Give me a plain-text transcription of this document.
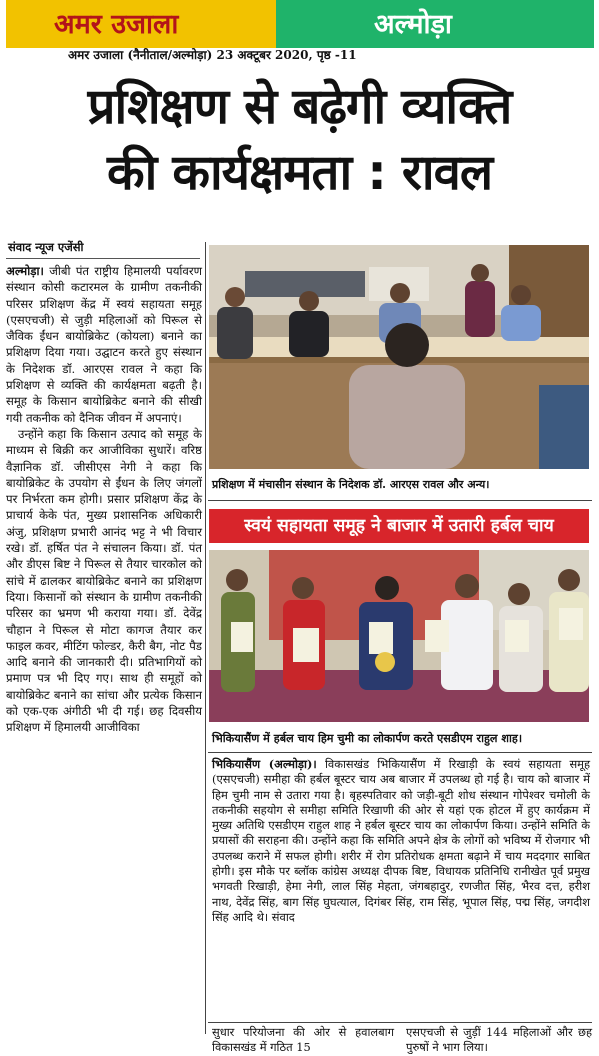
अमर उजाला	अल्मोड़ा
अमर उजाला (नैनीताल/अल्मोड़ा) 23 अक्टूबर 2020, पृष्ठ -11
प्रशिक्षण से बढ़ेगी व्यक्ति
की कार्यक्षमता : रावल
संवाद न्यूज एजेंसी

अल्मोड़ा। जीबी पंत राष्ट्रीय हिमालयी पर्यावरण संस्थान कोसी कटारमल के ग्रामीण तकनीकी परिसर प्रशिक्षण केंद्र में स्वयं सहायता समूह (एसएचजी) से जुड़ी महिलाओं को पिरूल से जैविक ईंधन बायोब्रिकेट (कोयला) बनाने का प्रशिक्षण दिया गया। उद्घाटन करते हुए संस्थान के निदेशक डॉ. आरएस रावल ने कहा कि प्रशिक्षण से व्यक्ति की कार्यक्षमता बढ़ती है। समूह के किसान बायोब्रिकेट बनाने की सीखी गयी तकनीक को दैनिक जीवन में अपनाएं।

उन्होंने कहा कि किसान उत्पाद को समूह के माध्यम से बिक्री कर आजीविका सुधारें। वरिष्ठ वैज्ञानिक डॉ. जीसीएस नेगी ने कहा कि बायोब्रिकेट के उपयोग से ईंधन के लिए जंगलों पर निर्भरता कम होगी। प्रसार प्रशिक्षण केंद्र के प्राचार्य केके पंत, मुख्य प्रशासनिक अधिकारी अंजु, प्रशिक्षण प्रभारी आनंद भट्ट ने भी विचार रखे। डॉ. हर्षित पंत ने संचालन किया। डॉ. पंत और डीएस बिष्ट ने पिरूल से तैयार चारकोल को सांचे में ढालकर बायोब्रिकेट बनाने का प्रशिक्षण दिया। किसानों को संस्थान के ग्रामीण तकनीकी परिसर का भ्रमण भी कराया गया। डॉ. देवेंद्र चौहान ने पिरूल से मोटा कागज तैयार कर फाइल कवर, मीटिंग फोल्डर, कैरी बैग, नोट पैड आदि बनाने की जानकारी दी। प्रतिभागियों को प्रमाण पत्र भी दिए गए। साथ ही समूहों को बायोब्रिकेट बनाने का सांचा और प्रत्येक किसान को एक-एक अंगीठी भी दी गई। छह दिवसीय प्रशिक्षण में हिमालयी आजीविका

प्रशिक्षण में मंचासीन संस्थान के निदेशक डॉ. आरएस रावल और अन्य।
स्वयं सहायता समूह ने बाजार में उतारी हर्बल चाय
भिकियासैंण में हर्बल चाय हिम चुमी का लोकार्पण करते एसडीएम राहुल शाह।

भिकियासैंण (अल्मोड़ा)। विकासखंड भिकियासैंण में रिखाड़ी के स्वयं सहायता समूह (एसएचजी) समीहा की हर्बल बूस्टर चाय अब बाजार में उपलब्ध हो गई है। चाय को बाजार में हिम चुमी नाम से उतारा गया है। बृहस्पतिवार को जड़ी-बूटी शोध संस्थान गोपेश्वर चमोली के तकनीकी सहयोग से समीहा समिति रिखाणी की ओर से यहां एक होटल में हुए कार्यक्रम में मुख्य अतिथि एसडीएम राहुल शाह ने हर्बल बूस्टर चाय का लोकार्पण किया। उन्होंने समिति के प्रयासों की सराहना की। उन्होंने कहा कि समिति अपने क्षेत्र के लोगों को भविष्य में रोजगार भी उपलब्ध कराने में सफल होगी। शरीर में रोग प्रतिरोधक क्षमता बढ़ाने में चाय मददगार साबित होगी। इस मौके पर ब्लॉक कांग्रेस अध्यक्ष दीपक बिष्ट, विधायक प्रतिनिधि रानीखेत पूर्व प्रमुख भगवती रिखाड़ी, हेमा नेगी, लाल सिंह मेहता, जंगबहादुर, रणजीत सिंह, भैरव दत्त, हरीश नाथ, देवेंद्र सिंह, बाग सिंह घुघत्याल, दिगंबर सिंह, राम सिंह, भूपाल सिंह, पद्म सिंह, जगदीश सिंह आदि थे। संवाद

सुधार परियोजना की ओर से हवालबाग विकासखंड में गठित 15

एसएचजी से जुड़ीं 144 महिलाओं और छह पुरुषों ने भाग लिया।
